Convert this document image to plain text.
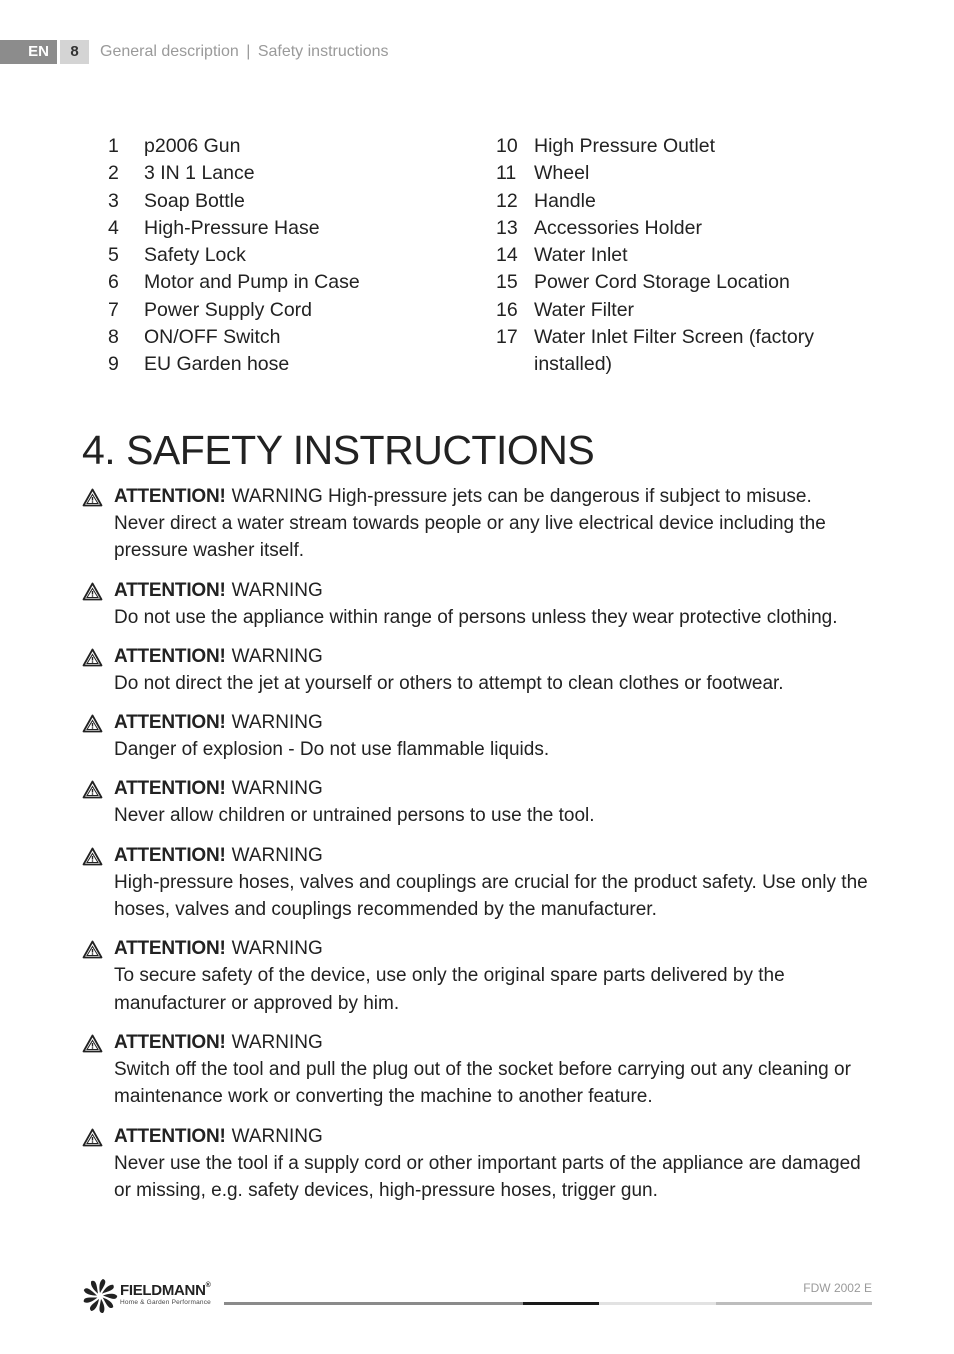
EN	8	General description | Safety instructions
1	p2006 Gun
2	3 IN 1 Lance
3	Soap Bottle
4	High-Pressure Hase
5	Safety Lock
6	Motor and Pump in Case
7	Power Supply Cord
8	ON/OFF Switch
9	EU Garden hose
10 High Pressure Outlet
11 Wheel
12 Handle
13 Accessories Holder
14 Water Inlet
15 Power Cord Storage Location
16 Water Filter
17 Water Inlet Filter Screen (factory installed)
4. SAFETY INSTRUCTIONS
ATTENTION! WARNING High-pressure jets can be dangerous if subject to misuse.
Never direct a water stream towards people or any live electrical device including the pressure washer itself.
ATTENTION! WARNING
Do not use the appliance within range of persons unless they wear protective clothing.
ATTENTION! WARNING
Do not direct the jet at yourself or others to attempt to clean clothes or footwear.
ATTENTION! WARNING
Danger of explosion - Do not use flammable liquids.
ATTENTION! WARNING
Never allow children or untrained persons to use the tool.
ATTENTION! WARNING
High-pressure hoses, valves and couplings are crucial for the product safety. Use only the hoses, valves and couplings recommended by the manufacturer.
ATTENTION! WARNING
To secure safety of the device, use only the original spare parts delivered by the manufacturer or approved by him.
ATTENTION! WARNING
Switch off the tool and pull the plug out of the socket before carrying out any cleaning or maintenance work or converting the machine to another feature.
ATTENTION! WARNING
Never use the tool if a supply cord or other important parts of the appliance are damaged or missing, e.g. safety devices, high-pressure hoses, trigger gun.
FIELDMANN®
Home & Garden Performance
FDW 2002 E
